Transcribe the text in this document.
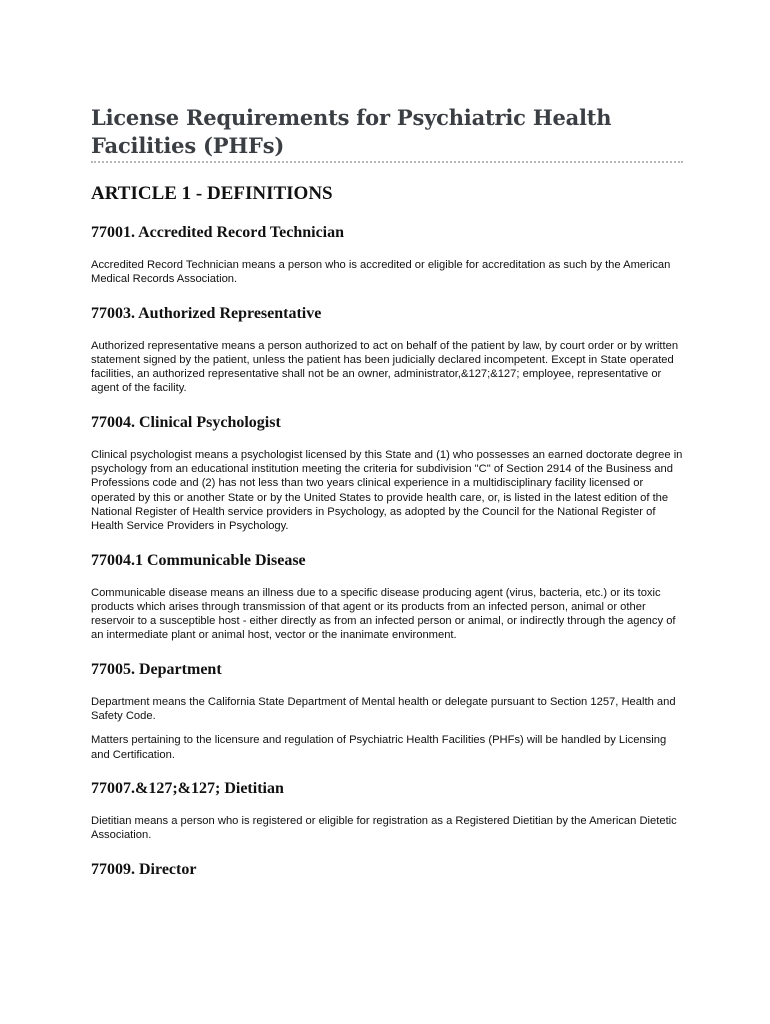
License Requirements for Psychiatric Health Facilities (PHFs)
ARTICLE 1 - DEFINITIONS
77001. Accredited Record Technician

Accredited Record Technician means a person who is accredited or eligible for accreditation as such by the American Medical Records Association.

77003. Authorized Representative

Authorized representative means a person authorized to act on behalf of the patient by law, by court order or by written statement signed by the patient, unless the patient has been judicially declared incompetent. Except in State operated facilities, an authorized representative shall not be an owner, administrator,&127;&127; employee, representative or agent of the facility.

77004. Clinical Psychologist

Clinical psychologist means a psychologist licensed by this State and (1) who possesses an earned doctorate degree in psychology from an educational institution meeting the criteria for subdivision "C" of Section 2914 of the Business and Professions code and (2) has not less than two years clinical experience in a multidisciplinary facility licensed or operated by this or another State or by the United States to provide health care, or, is listed in the latest edition of the National Register of Health service providers in Psychology, as adopted by the Council for the National Register of Health Service Providers in Psychology.

77004.1 Communicable Disease

Communicable disease means an illness due to a specific disease producing agent (virus, bacteria, etc.) or its toxic products which arises through transmission of that agent or its products from an infected person, animal or other reservoir to a susceptible host - either directly as from an infected person or animal, or indirectly through the agency of an intermediate plant or animal host, vector or the inanimate environment.

77005. Department

Department means the California State Department of Mental health or delegate pursuant to Section 1257, Health and Safety Code.

Matters pertaining to the licensure and regulation of Psychiatric Health Facilities (PHFs) will be handled by Licensing and Certification.

77007.&127;&127; Dietitian

Dietitian means a person who is registered or eligible for registration as a Registered Dietitian by the American Dietetic Association.

77009. Director
